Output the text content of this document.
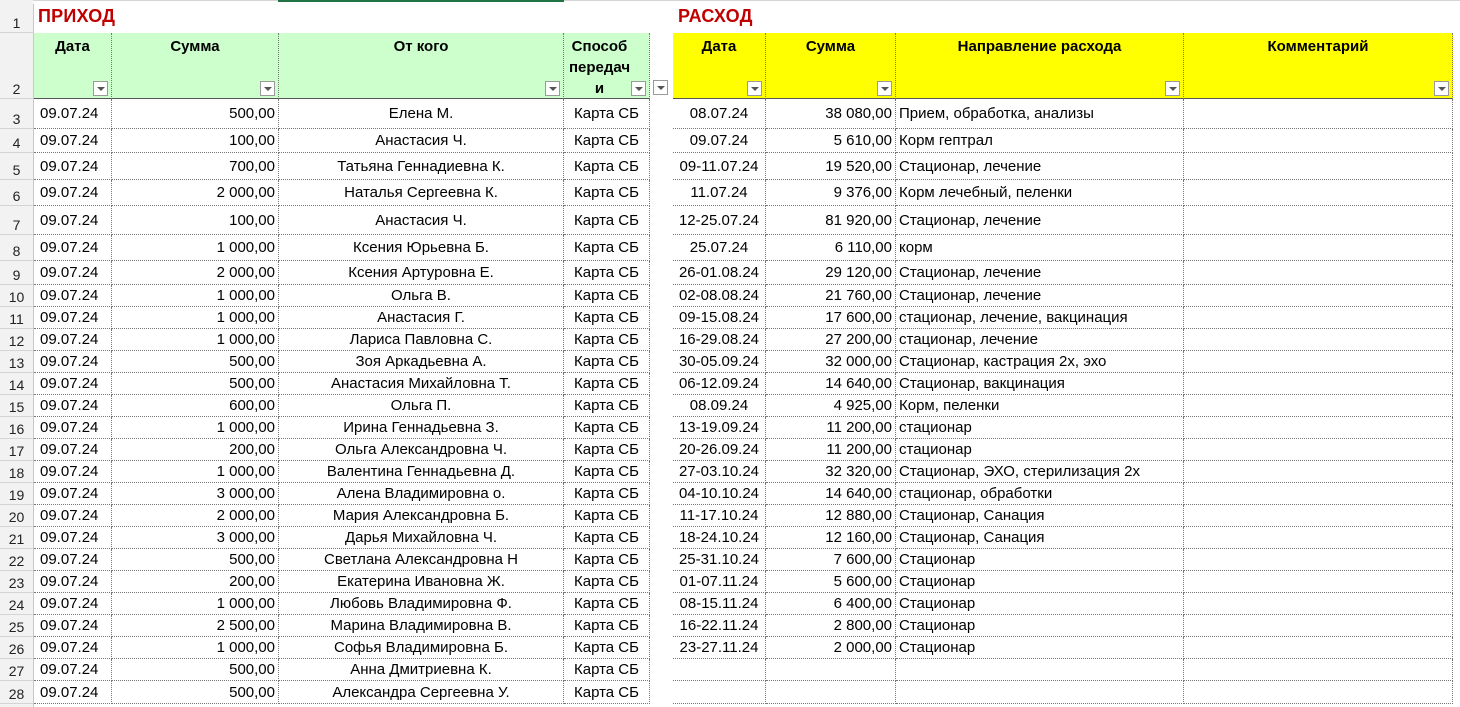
1
2
3
4
5
6
7
8
9
10
11
12
13
14
15
16
17
18
19
20
21
22
23
24
25
26
27
28
ПРИХОД	РАСХОД
Дата	Сумма	От кого	Способ передач и
Дата	Сумма	Направление расхода	Комментарий
09.07.24	500,00	Елена М.	Карта СБ
09.07.24	100,00	Анастасия Ч.	Карта СБ
09.07.24	700,00	Татьяна Геннадиевна К.	Карта СБ
09.07.24	2 000,00	Наталья Сергеевна К.	Карта СБ
09.07.24	100,00	Анастасия Ч.	Карта СБ
09.07.24	1 000,00	Ксения Юрьевна Б.	Карта СБ
09.07.24	2 000,00	Ксения Артуровна Е.	Карта СБ
09.07.24	1 000,00	Ольга В.	Карта СБ
09.07.24	1 000,00	Анастасия Г.	Карта СБ
09.07.24	1 000,00	Лариса Павловна С.	Карта СБ
09.07.24	500,00	Зоя Аркадьевна А.	Карта СБ
09.07.24	500,00	Анастасия Михайловна Т.	Карта СБ
09.07.24	600,00	Ольга П.	Карта СБ
09.07.24	1 000,00	Ирина Геннадьевна З.	Карта СБ
09.07.24	200,00	Ольга Александровна Ч.	Карта СБ
09.07.24	1 000,00	Валентина Геннадьевна Д.	Карта СБ
09.07.24	3 000,00	Алена Владимировна о.	Карта СБ
09.07.24	2 000,00	Мария Александровна Б.	Карта СБ
09.07.24	3 000,00	Дарья Михайловна Ч.	Карта СБ
09.07.24	500,00	Светлана Александровна Н	Карта СБ
09.07.24	200,00	Екатерина Ивановна Ж.	Карта СБ
09.07.24	1 000,00	Любовь Владимировна Ф.	Карта СБ
09.07.24	2 500,00	Марина Владимировна В.	Карта СБ
09.07.24	1 000,00	Софья Владимировна Б.	Карта СБ
09.07.24	500,00	Анна Дмитриевна К.	Карта СБ
09.07.24	500,00	Александра Сергеевна У.	Карта СБ
08.07.24	38 080,00 Прием, обработка, анализы
09.07.24	5 610,00 Корм гептрал
09-11.07.24	19 520,00 Стационар, лечение
11.07.24	9 376,00 Корм лечебный, пеленки
12-25.07.24	81 920,00 Стационар, лечение
25.07.24	6 110,00 корм
26-01.08.24	29 120,00 Стационар, лечение
02-08.08.24	21 760,00 Стационар, лечение
09-15.08.24	17 600,00 стационар, лечение, вакцинация
16-29.08.24	27 200,00 стационар, лечение
30-05.09.24	32 000,00 Стационар, кастрация 2х, эхо
06-12.09.24	14 640,00 Стационар, вакцинация
08.09.24	4 925,00 Корм, пеленки
13-19.09.24	11 200,00 стационар
20-26.09.24	11 200,00 стационар
27-03.10.24	32 320,00 Стационар, ЭХО, стерилизация 2х
04-10.10.24	14 640,00 стационар, обработки
11-17.10.24	12 880,00 Стационар, Санация
18-24.10.24	12 160,00 Стационар, Санация
25-31.10.24	7 600,00 Стационар
01-07.11.24	5 600,00 Стационар
08-15.11.24	6 400,00 Стационар
16-22.11.24	2 800,00 Стационар
23-27.11.24	2 000,00 Стационар
